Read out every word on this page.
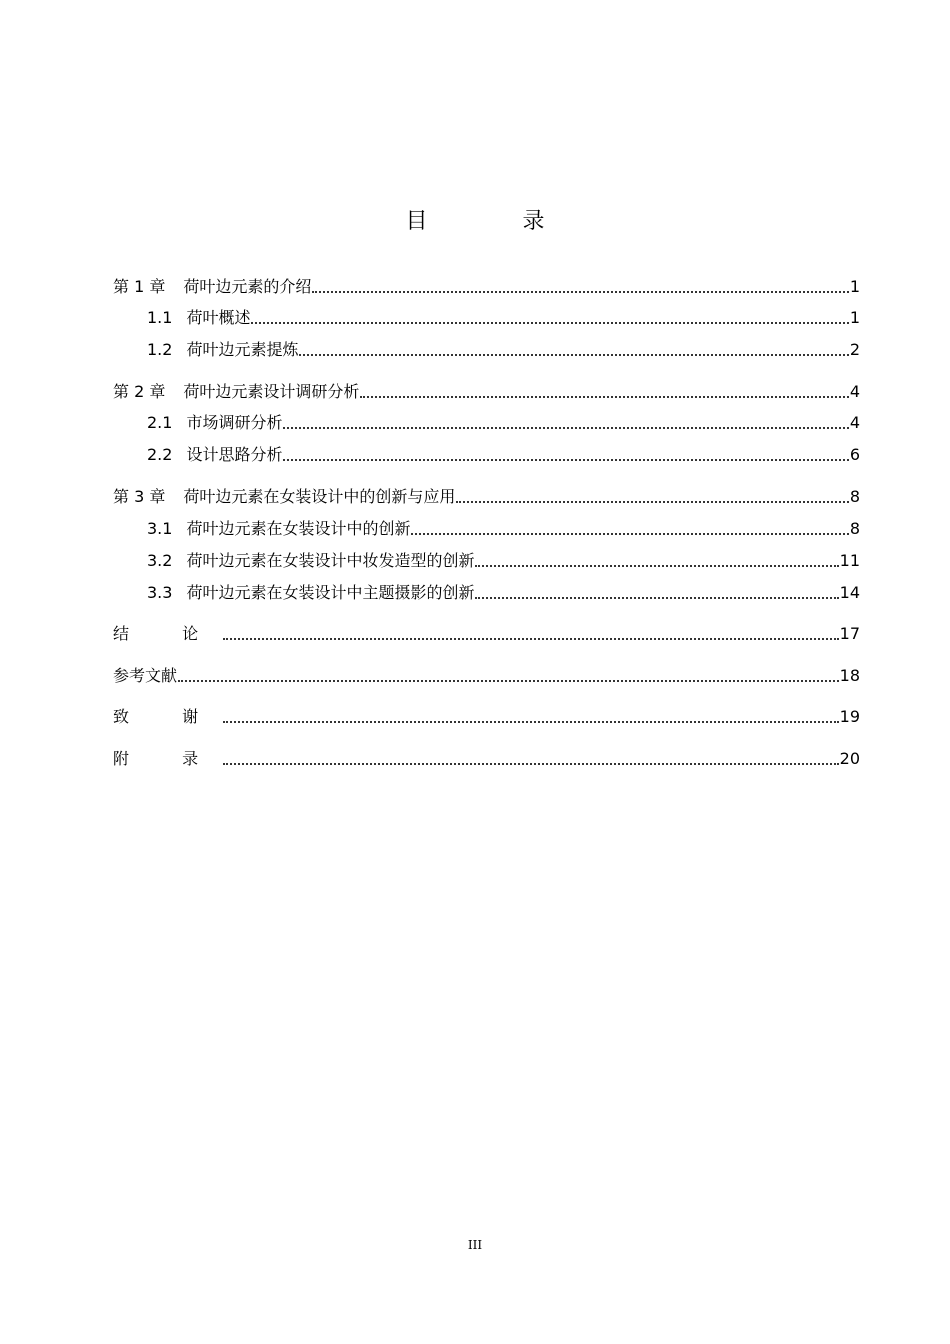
目 录
第 1 章 荷叶边元素的介绍	1
1.1 荷叶概述	1
1.2 荷叶边元素提炼	2
第 2 章 荷叶边元素设计调研分析	4
2.1 市场调研分析	4
2.2 设计思路分析	6
第 3 章 荷叶边元素在女装设计中的创新与应用	8
3.1 荷叶边元素在女装设计中的创新	8
3.2 荷叶边元素在女装设计中妆发造型的创新	11
3.3 荷叶边元素在女装设计中主题摄影的创新	14
结 论	17
参考文献	18
致 谢	19
附 录	20
III
